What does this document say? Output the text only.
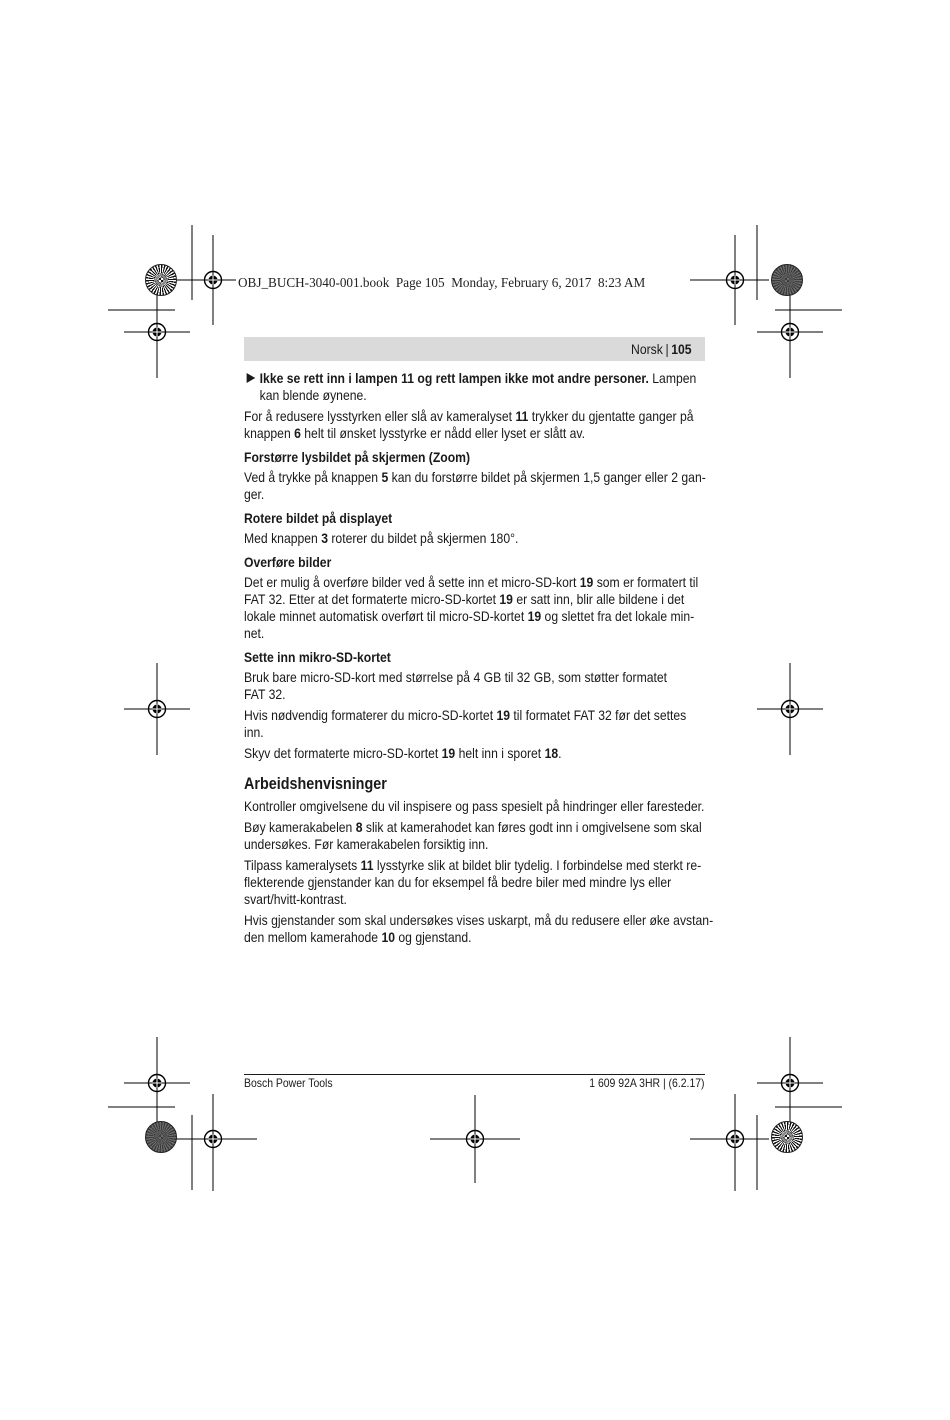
OBJ_BUCH-3040-001.book  Page 105  Monday, February 6, 2017  8:23 AM
Norsk | 105
Ikke se rett inn i lampen 11 og rett lampen ikke mot andre personer. Lampen
kan blende øynene.
For å redusere lysstyrken eller slå av kameralyset 11 trykker du gjentatte ganger på
knappen 6 helt til ønsket lysstyrke er nådd eller lyset er slått av.
Forstørre lysbildet på skjermen (Zoom)
Ved å trykke på knappen 5 kan du forstørre bildet på skjermen 1,5 ganger eller 2 gan-
ger.
Rotere bildet på displayet
Med knappen 3 roterer du bildet på skjermen 180°.
Overføre bilder
Det er mulig å overføre bilder ved å sette inn et micro-SD-kort 19 som er formatert til
FAT 32. Etter at det formaterte micro-SD-kortet 19 er satt inn, blir alle bildene i det
lokale minnet automatisk overført til micro-SD-kortet 19 og slettet fra det lokale min-
net.
Sette inn mikro-SD-kortet
Bruk bare micro-SD-kort med størrelse på 4 GB til 32 GB, som støtter formatet
FAT 32.
Hvis nødvendig formaterer du micro-SD-kortet 19 til formatet FAT 32 før det settes
inn.
Skyv det formaterte micro-SD-kortet 19 helt inn i sporet 18.
Arbeidshenvisninger
Kontroller omgivelsene du vil inspisere og pass spesielt på hindringer eller faresteder.
Bøy kamerakabelen 8 slik at kamerahodet kan føres godt inn i omgivelsene som skal
undersøkes. Før kamerakabelen forsiktig inn.
Tilpass kameralysets 11 lysstyrke slik at bildet blir tydelig. I forbindelse med sterkt re-
flekterende gjenstander kan du for eksempel få bedre biler med mindre lys eller
svart/hvitt-kontrast.
Hvis gjenstander som skal undersøkes vises uskarpt, må du redusere eller øke avstan-
den mellom kamerahode 10 og gjenstand.
Bosch Power Tools	1 609 92A 3HR | (6.2.17)
